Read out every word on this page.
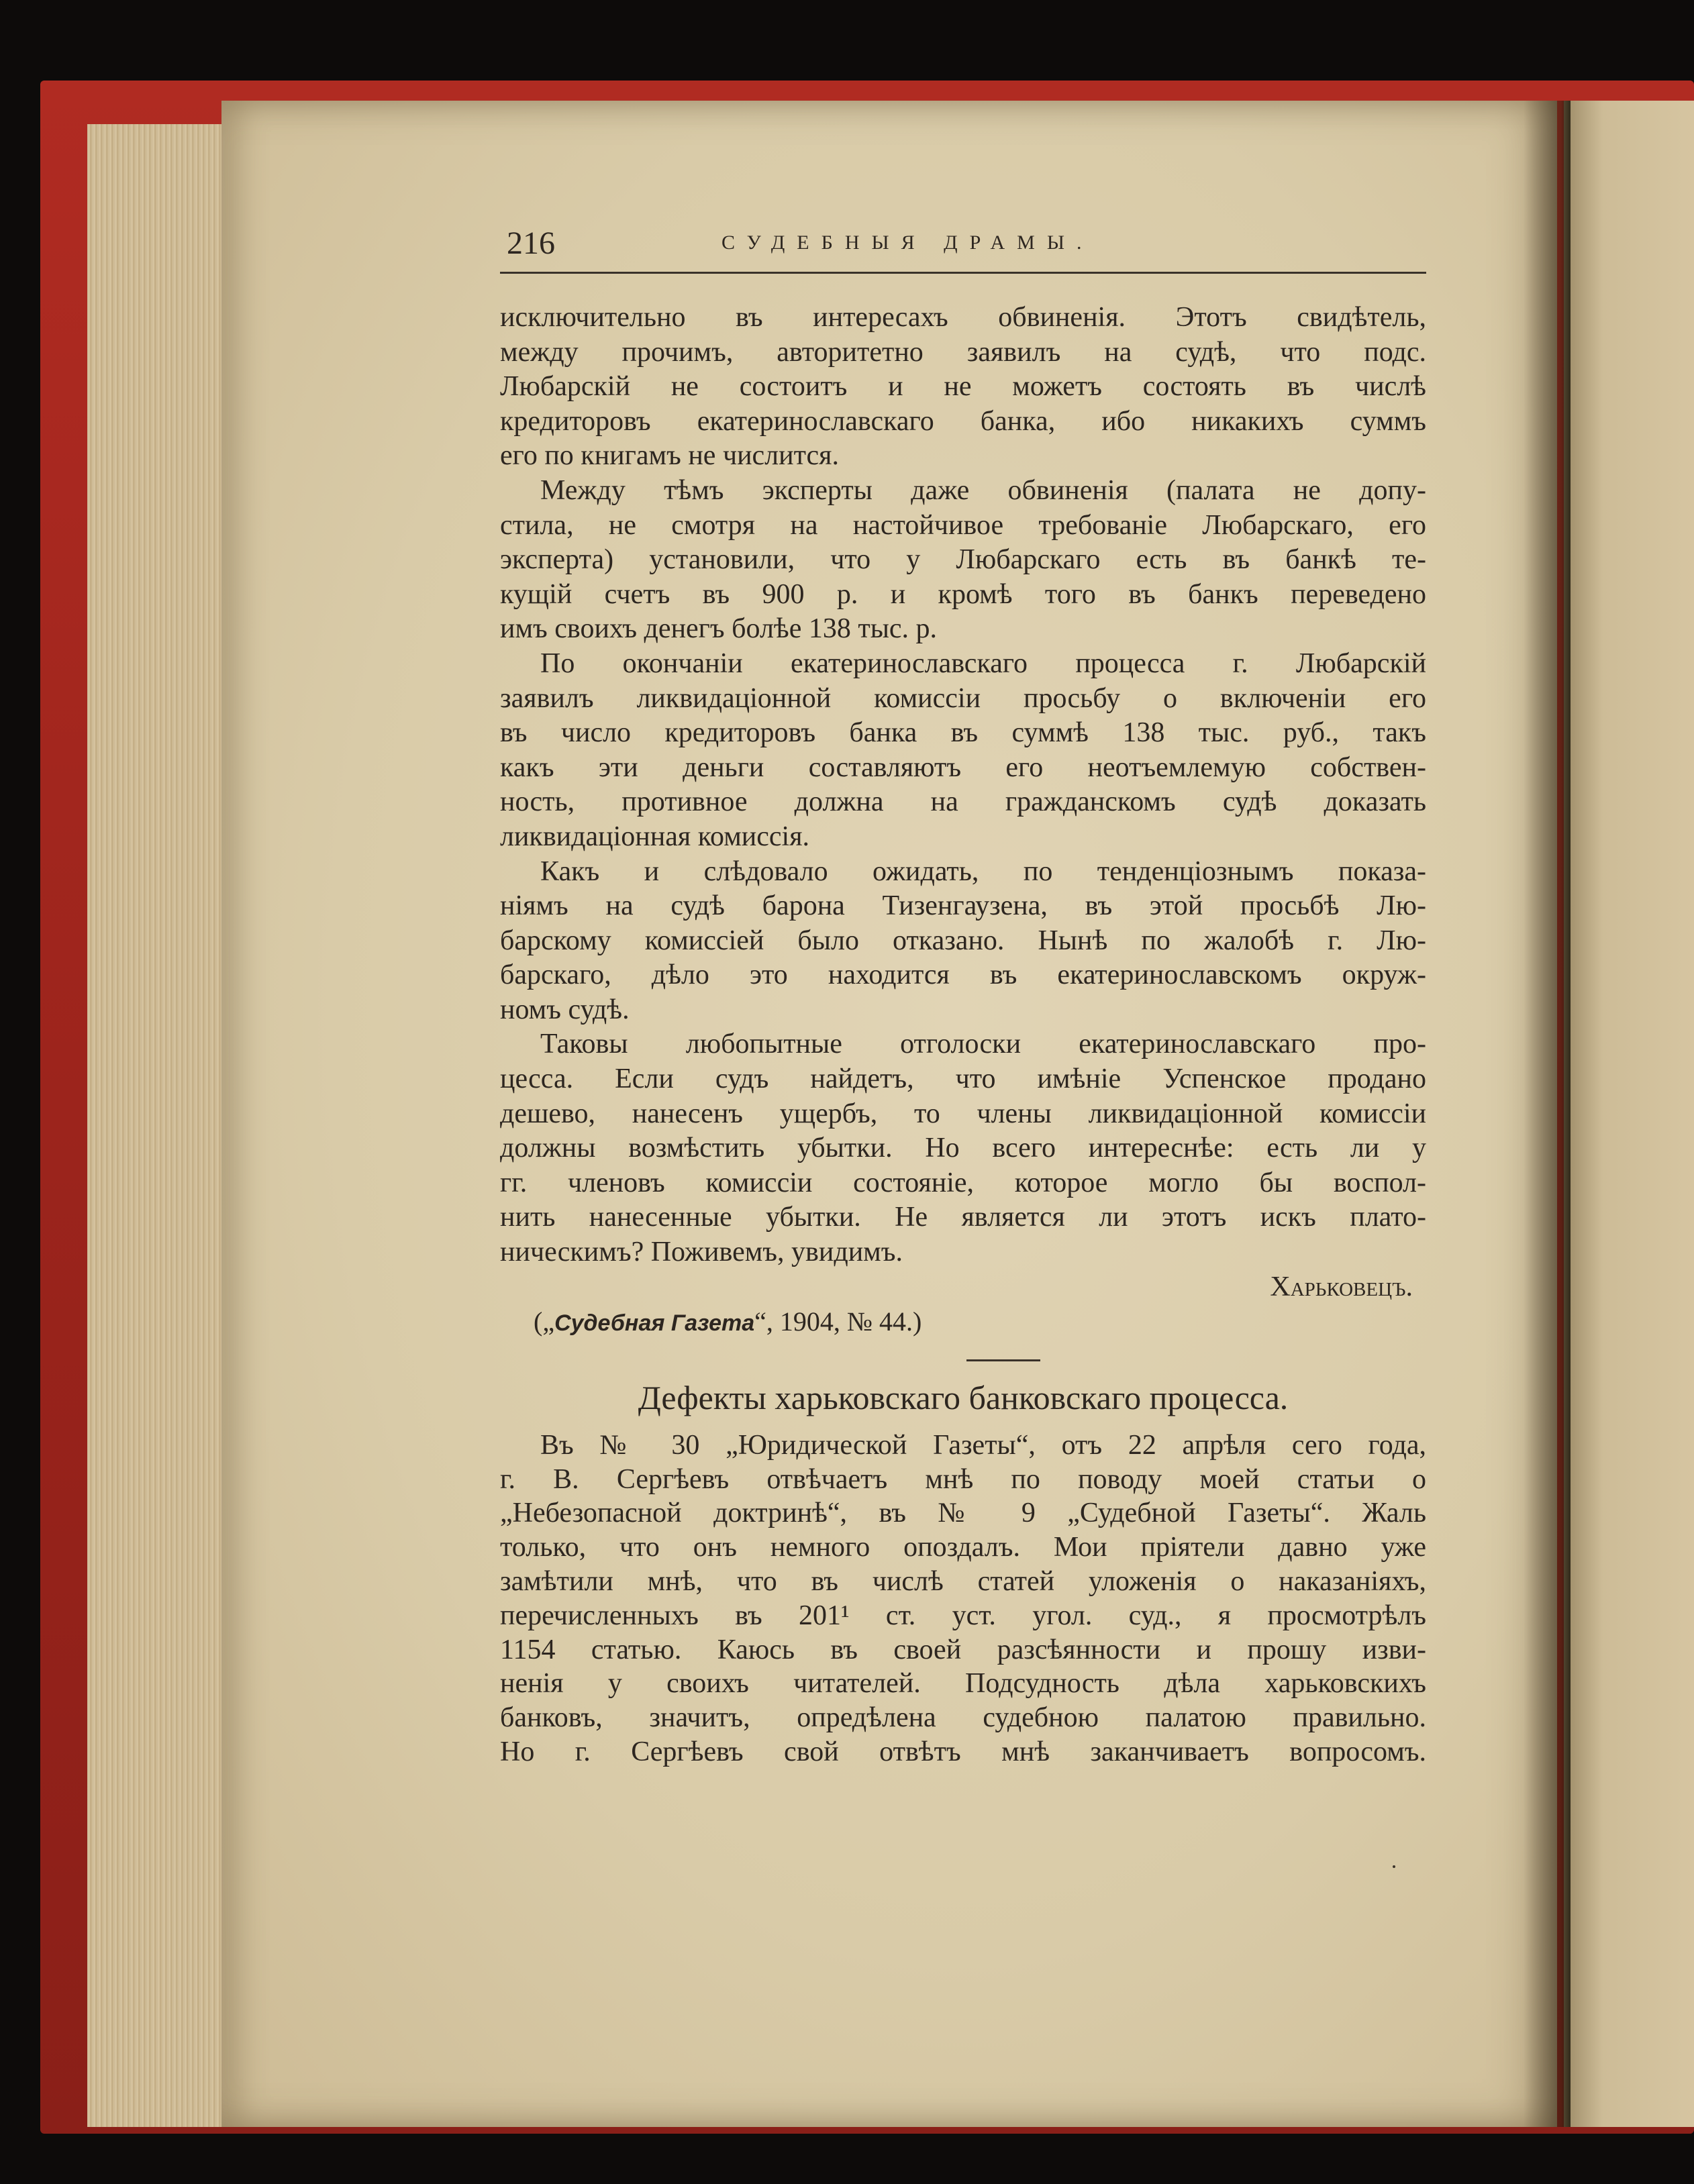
216	СУДЕБНЫЯ ДРАМЫ.
исключительно въ интересахъ обвиненія. Этотъ свидѣтель,
между прочимъ, авторитетно заявилъ на судѣ, что подс.
Любарскій не состоитъ и не можетъ состоять въ числѣ
кредиторовъ екатеринославскаго банка, ибо никакихъ суммъ
его по книгамъ не числится.
Между тѣмъ эксперты даже обвиненія (палата не допу-
стила, не смотря на настойчивое требованіе Любарскаго, его
эксперта) установили, что у Любарскаго есть въ банкѣ те-
кущій счетъ въ 900 р. и кромѣ того въ банкъ переведено
имъ своихъ денегъ болѣе 138 тыс. р.
По окончаніи екатеринославскаго процесса г. Любарскій
заявилъ ликвидаціонной комиссіи просьбу о включеніи его
въ число кредиторовъ банка въ суммѣ 138 тыс. руб., такъ
какъ эти деньги составляютъ его неотъемлемую собствен-
ность, противное должна на гражданскомъ судѣ доказать
ликвидаціонная комиссія.
Какъ и слѣдовало ожидать, по тенденціознымъ показа-
ніямъ на судѣ барона Тизенгаузена, въ этой просьбѣ Лю-
барскому комиссіей было отказано. Нынѣ по жалобѣ г. Лю-
барскаго, дѣло это находится въ екатеринославскомъ окруж-
номъ судѣ.
Таковы любопытные отголоски екатеринославскаго про-
цесса. Если судъ найдетъ, что имѣніе Успенское продано
дешево, нанесенъ ущербъ, то члены ликвидаціонной комиссіи
должны возмѣстить убытки. Но всего интереснѣе: есть ли у
гг. членовъ комиссіи состояніе, которое могло бы воспол-
нить нанесенные убытки. Не является ли этотъ искъ плато-
ническимъ? Поживемъ, увидимъ.
Харьковецъ.
(„Судебная Газета“, 1904, № 44.)
Дефекты харьковскаго банковскаго процесса.
Въ № 30 „Юридической Газеты“, отъ 22 апрѣля сего года,
г. В. Сергѣевъ отвѣчаетъ мнѣ по поводу моей статьи о
„Небезопасной доктринѣ“, въ № 9 „Судебной Газеты“. Жаль
только, что онъ немного опоздалъ. Мои пріятели давно уже
замѣтили мнѣ, что въ числѣ статей уложенія о наказаніяхъ,
перечисленныхъ въ 201¹ ст. уст. угол. суд., я просмотрѣлъ
1154 статью. Каюсь въ своей разсѣянности и прошу изви-
ненія у своихъ читателей. Подсудность дѣла харьковскихъ
банковъ, значитъ, опредѣлена судебною палатою правильно.
Но г. Сергѣевъ свой отвѣтъ мнѣ заканчиваетъ вопросомъ.
